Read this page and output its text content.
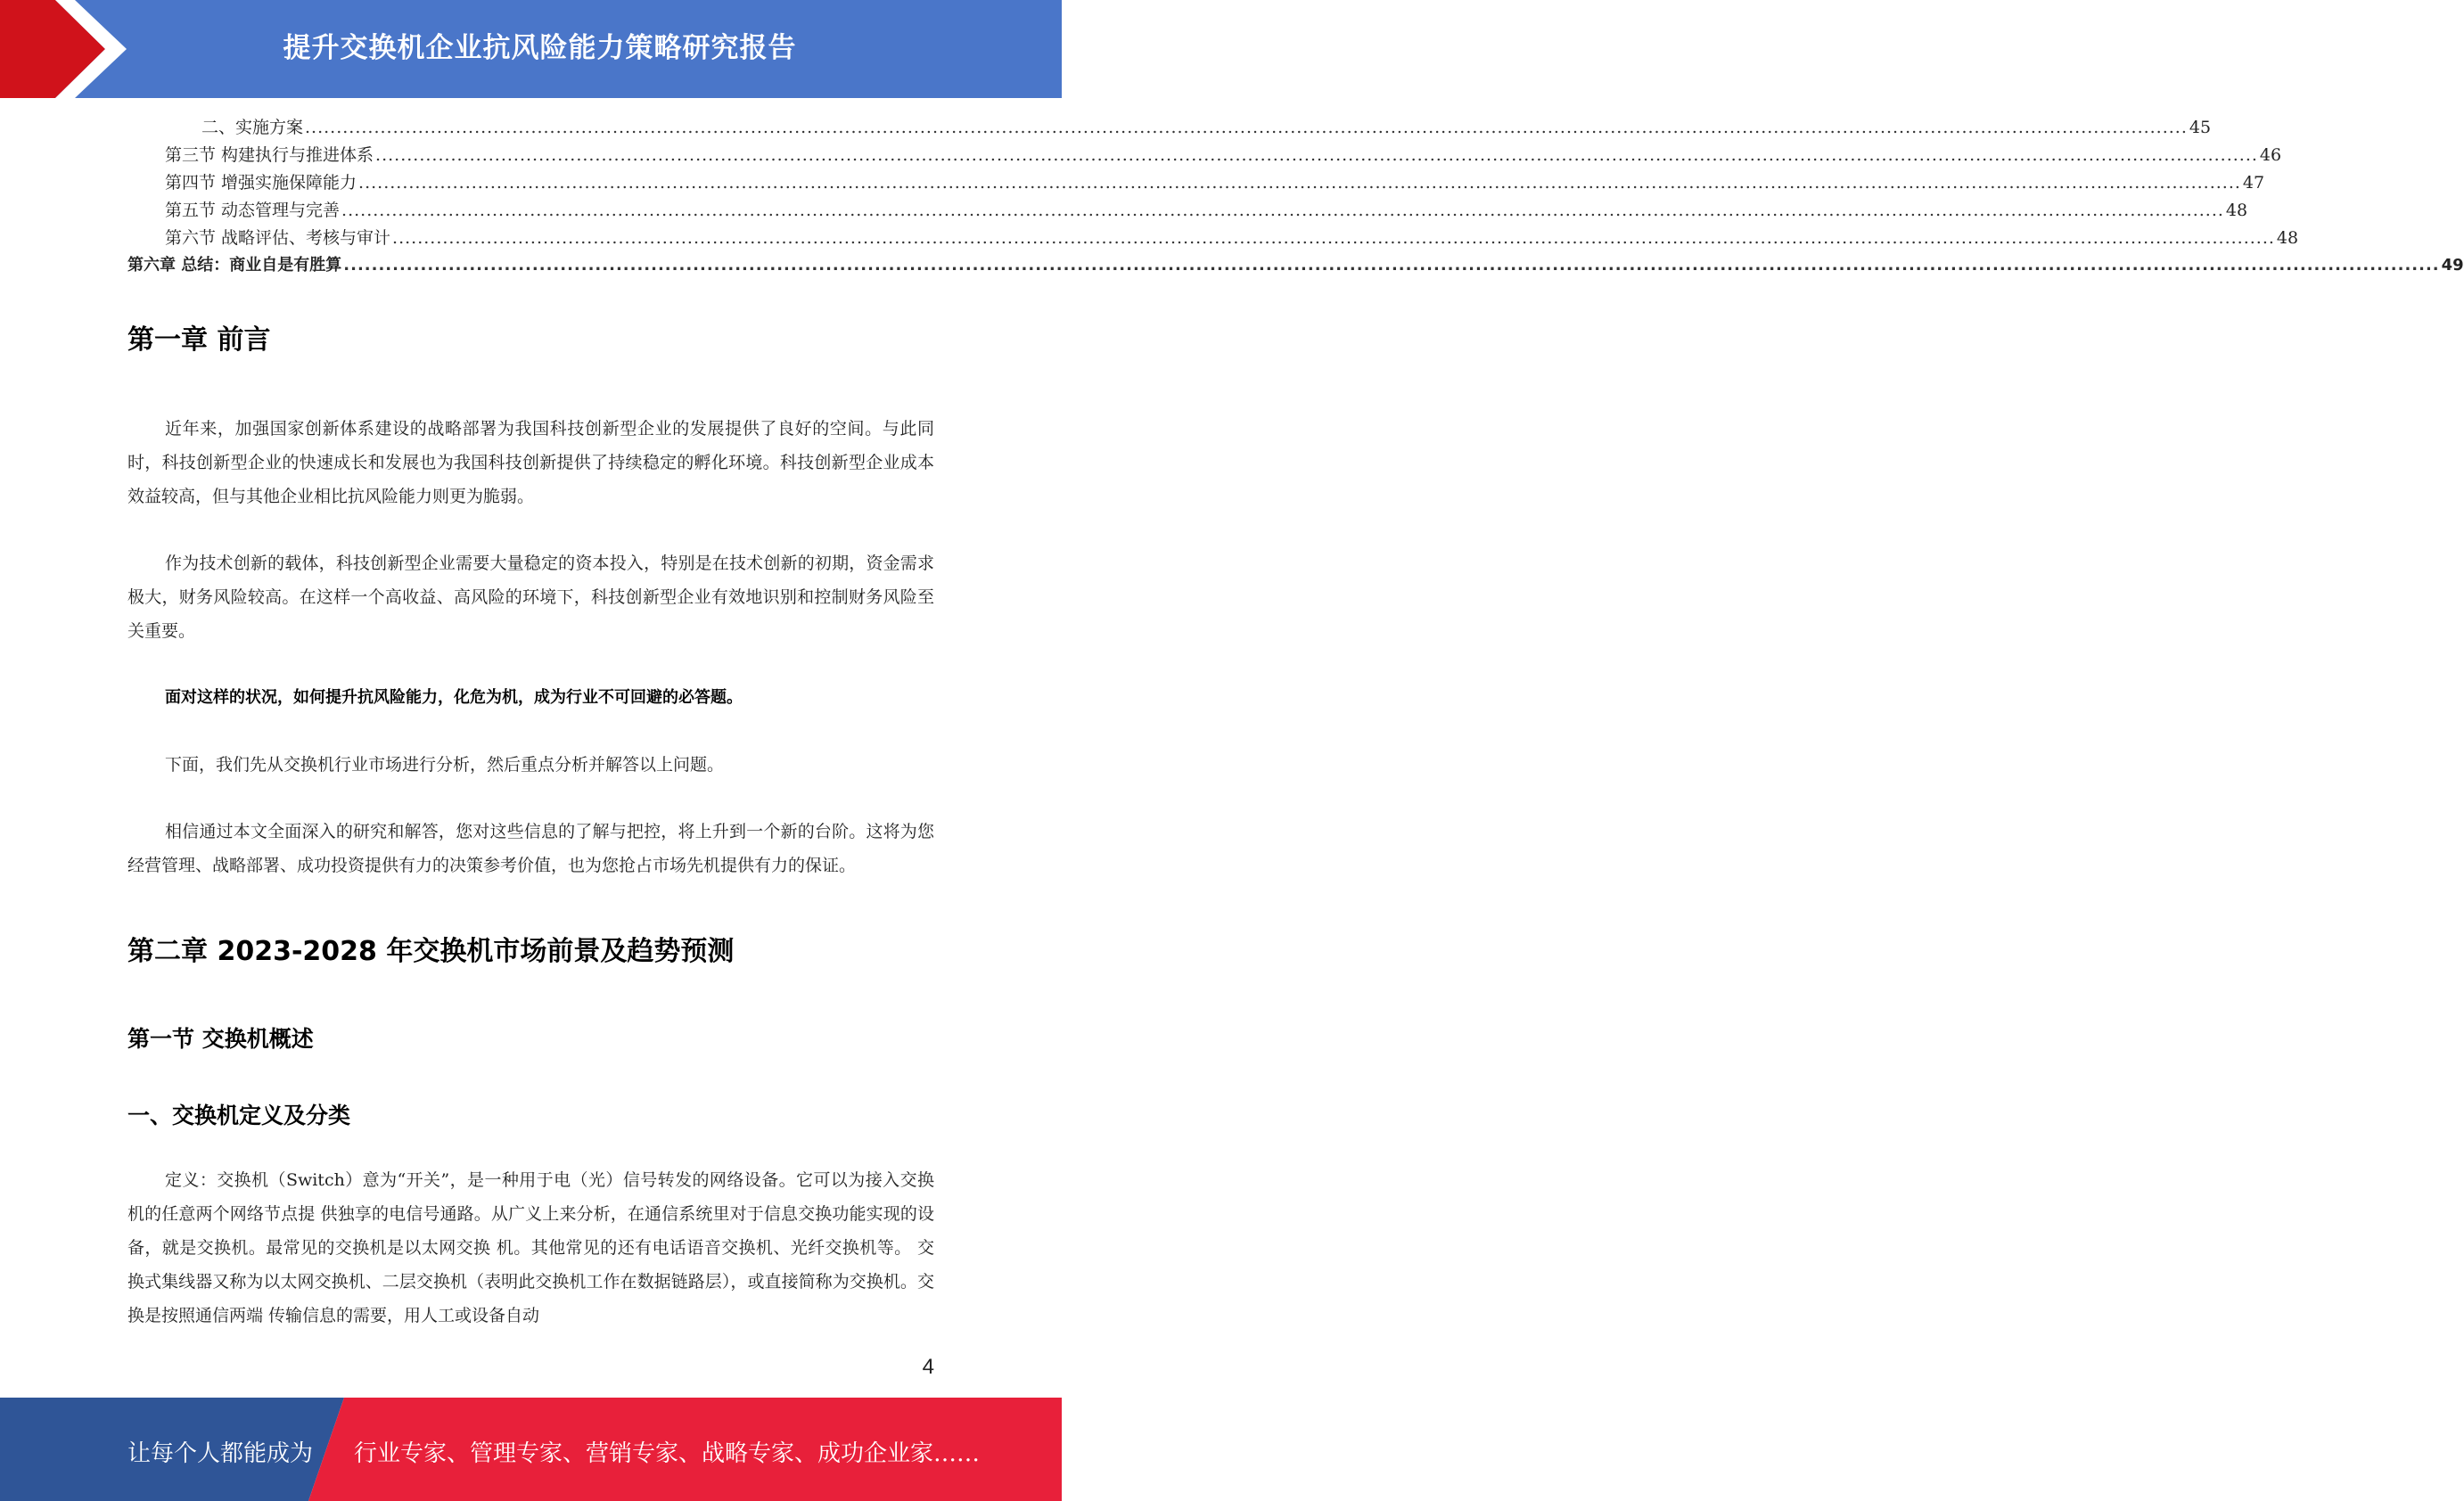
提升交换机企业抗风险能力策略研究报告
二、实施方案 ............................................................................................................................................................................................................................................................................................................ 45
第三节 构建执行与推进体系 ............................................................................................................................................................................................................................................................................................................ 46
第四节 增强实施保障能力 ............................................................................................................................................................................................................................................................................................................ 47
第五节 动态管理与完善 ............................................................................................................................................................................................................................................................................................................ 48
第六节 战略评估、考核与审计 ............................................................................................................................................................................................................................................................................................................ 48
第六章 总结：商业自是有胜算 ............................................................................................................................................................................................................................................................................................................ 49
第一章 前言
近年来，加强国家创新体系建设的战略部署为我国科技创新型企业的发展提供了良好的空间。与此同时，科技创新型企业的快速成长和发展也为我国科技创新提供了持续稳定的孵化环境。科技创新型企业成本效益较高，但与其他企业相比抗风险能力则更为脆弱。
作为技术创新的载体，科技创新型企业需要大量稳定的资本投入，特别是在技术创新的初期，资金需求极大，财务风险较高。在这样一个高收益、高风险的环境下，科技创新型企业有效地识别和控制财务风险至关重要。
面对这样的状况，如何提升抗风险能力，化危为机，成为行业不可回避的必答题。
下面，我们先从交换机行业市场进行分析，然后重点分析并解答以上问题。
相信通过本文全面深入的研究和解答，您对这些信息的了解与把控，将上升到一个新的台阶。这将为您经营管理、战略部署、成功投资提供有力的决策参考价值，也为您抢占市场先机提供有力的保证。
第二章 2023-2028 年交换机市场前景及趋势预测
第一节 交换机概述
一、交换机定义及分类
定义：交换机（Switch）意为“开关”，是一种用于电（光）信号转发的网络设备。它可以为接入交换机的任意两个网络节点提 供独享的电信号通路。从广义上来分析，在通信系统里对于信息交换功能实现的设备，就是交换机。最常见的交换机是以太网交换 机。其他常见的还有电话语音交换机、光纤交换机等。 交换式集线器又称为以太网交换机、二层交换机（表明此交换机工作在数据链路层），或直接简称为交换机。交换是按照通信两端 传输信息的需要，用人工或设备自动
4
让每个人都能成为 行业专家、管理专家、营销专家、战略专家、成功企业家……
